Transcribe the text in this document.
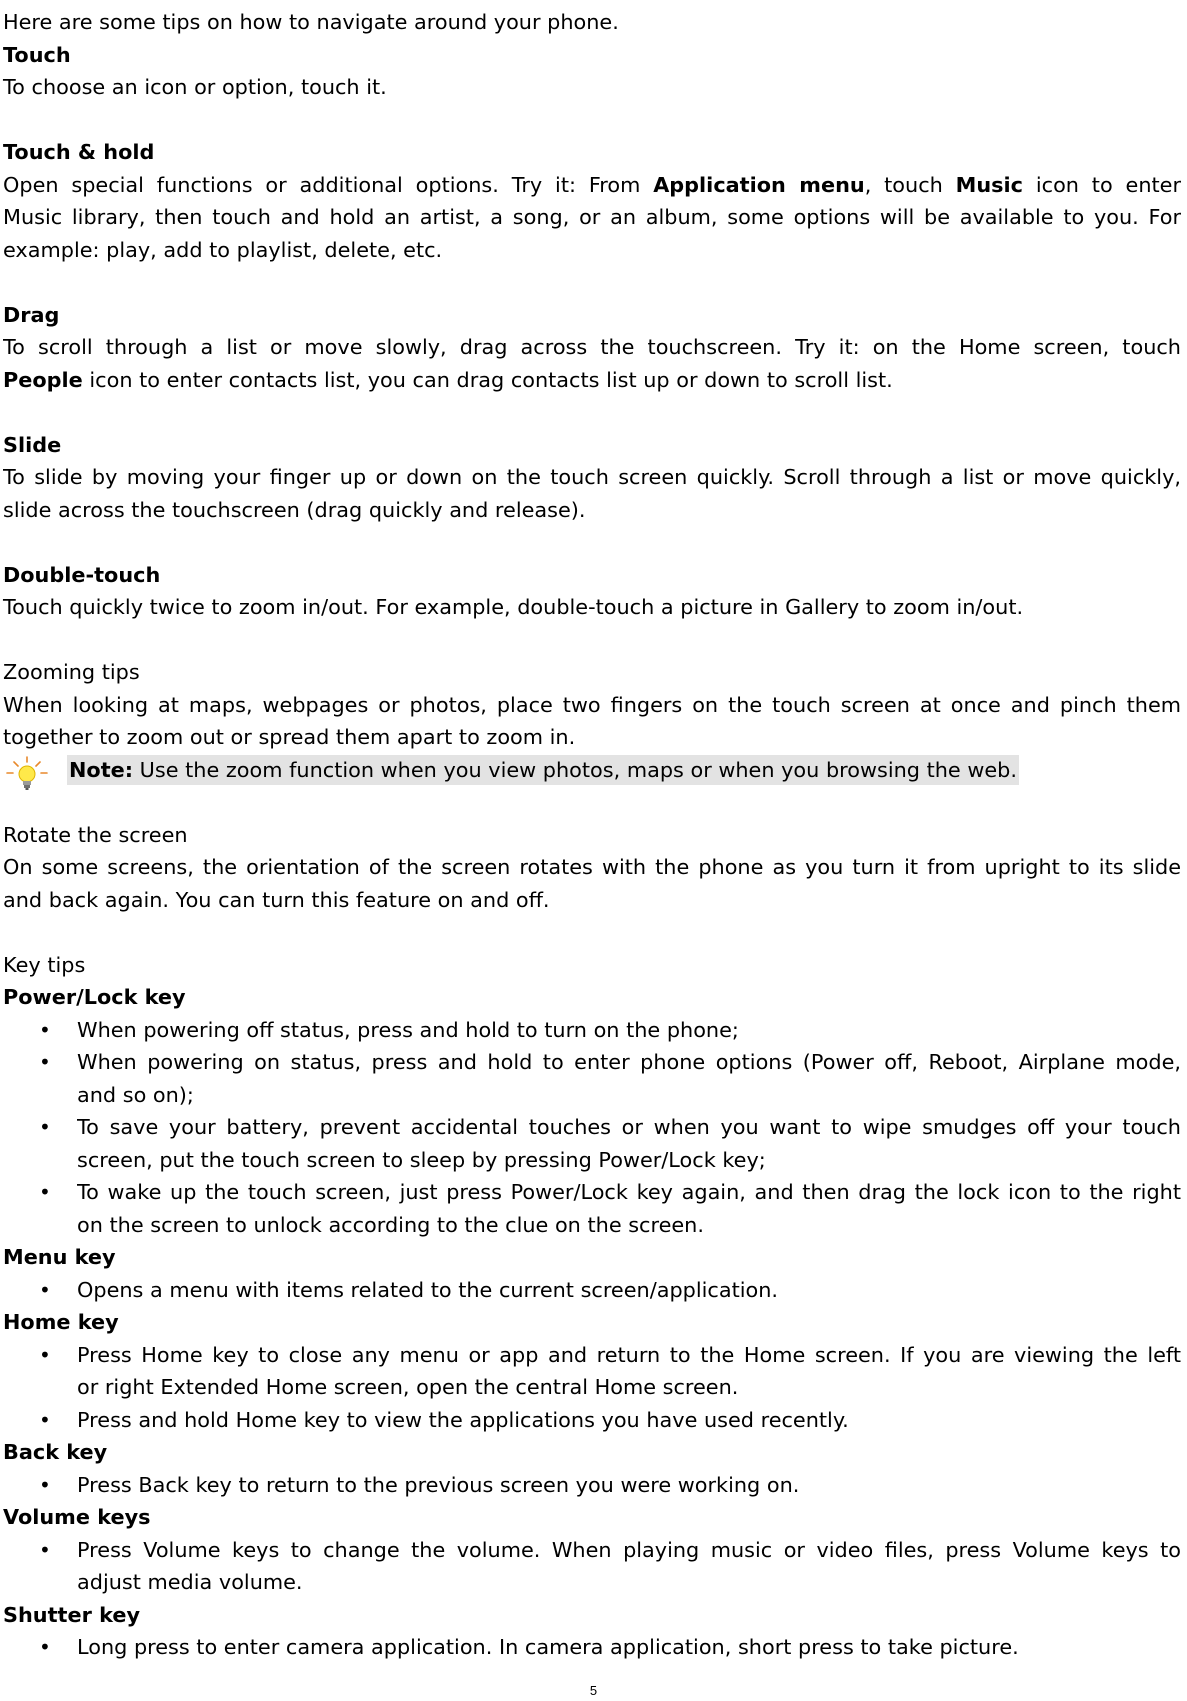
Here are some tips on how to navigate around your phone.
Touch
To choose an icon or option, touch it.
Touch & hold
Open special functions or additional options. Try it: From Application menu, touch Music icon to enter
Music library, then touch and hold an artist, a song, or an album, some options will be available to you. For
example: play, add to playlist, delete, etc.
Drag
To scroll through a list or move slowly, drag across the touchscreen. Try it: on the Home screen, touch
People icon to enter contacts list, you can drag contacts list up or down to scroll list.
Slide
To slide by moving your finger up or down on the touch screen quickly. Scroll through a list or move quickly,
slide across the touchscreen (drag quickly and release).
Double-touch
Touch quickly twice to zoom in/out. For example, double-touch a picture in Gallery to zoom in/out.
Zooming tips
When looking at maps, webpages or photos, place two fingers on the touch screen at once and pinch them
together to zoom out or spread them apart to zoom in.
Note: Use the zoom function when you view photos, maps or when you browsing the web.
Rotate the screen
On some screens, the orientation of the screen rotates with the phone as you turn it from upright to its slide
and back again. You can turn this feature on and off.
Key tips
Power/Lock key
• When powering off status, press and hold to turn on the phone;
• When powering on status, press and hold to enter phone options (Power off, Reboot, Airplane mode,
and so on);
• To save your battery, prevent accidental touches or when you want to wipe smudges off your touch
screen, put the touch screen to sleep by pressing Power/Lock key;
• To wake up the touch screen, just press Power/Lock key again, and then drag the lock icon to the right
on the screen to unlock according to the clue on the screen.
Menu key
• Opens a menu with items related to the current screen/application.
Home key
• Press Home key to close any menu or app and return to the Home screen. If you are viewing the left
or right Extended Home screen, open the central Home screen.
• Press and hold Home key to view the applications you have used recently.
Back key
• Press Back key to return to the previous screen you were working on.
Volume keys
• Press Volume keys to change the volume. When playing music or video files, press Volume keys to
adjust media volume.
Shutter key
• Long press to enter camera application. In camera application, short press to take picture.
5
